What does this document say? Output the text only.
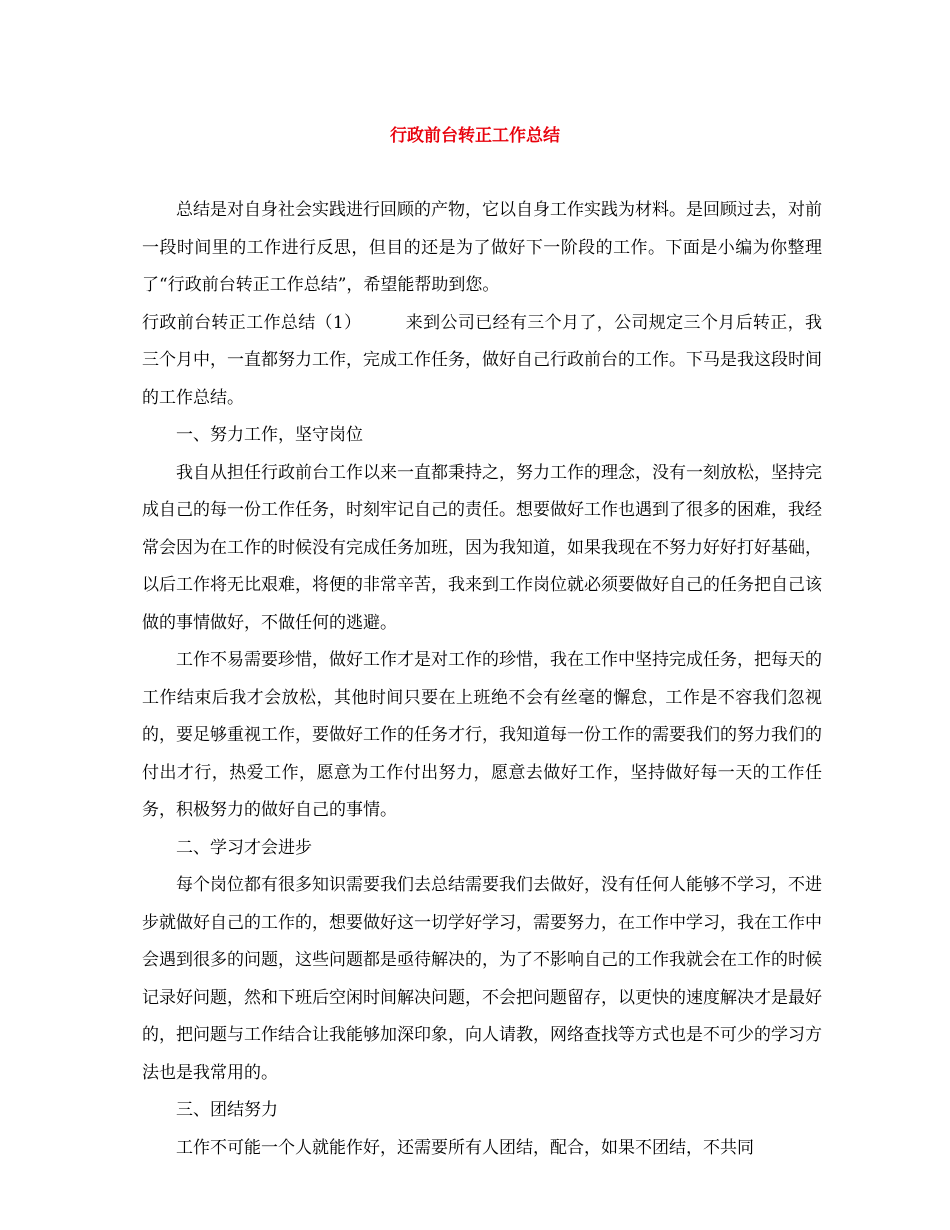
行政前台转正工作总结

总结是对自身社会实践进行回顾的产物，它以自身工作实践为材料。是回顾过去，对前一段时间里的工作进行反思，但目的还是为了做好下一阶段的工作。下面是小编为你整理了“行政前台转正工作总结”，希望能帮助到您。

行政前台转正工作总结（1）	来到公司已经有三个月了，公司规定三个月后转正，我三个月中，一直都努力工作，完成工作任务，做好自己行政前台的工作。下马是我这段时间的工作总结。

一、努力工作，坚守岗位

我自从担任行政前台工作以来一直都秉持之，努力工作的理念，没有一刻放松，坚持完成自己的每一份工作任务，时刻牢记自己的责任。想要做好工作也遇到了很多的困难，我经常会因为在工作的时候没有完成任务加班，因为我知道，如果我现在不努力好好打好基础，以后工作将无比艰难，将便的非常辛苦，我来到工作岗位就必须要做好自己的任务把自己该做的事情做好，不做任何的逃避。

工作不易需要珍惜，做好工作才是对工作的珍惜，我在工作中坚持完成任务，把每天的工作结束后我才会放松，其他时间只要在上班绝不会有丝毫的懈怠，工作是不容我们忽视的，要足够重视工作，要做好工作的任务才行，我知道每一份工作的需要我们的努力我们的付出才行，热爱工作，愿意为工作付出努力，愿意去做好工作，坚持做好每一天的工作任务，积极努力的做好自己的事情。

二、学习才会进步

每个岗位都有很多知识需要我们去总结需要我们去做好，没有任何人能够不学习，不进步就做好自己的工作的，想要做好这一切学好学习，需要努力，在工作中学习，我在工作中会遇到很多的问题，这些问题都是亟待解决的，为了不影响自己的工作我就会在工作的时候记录好问题，然和下班后空闲时间解决问题，不会把问题留存，以更快的速度解决才是最好的，把问题与工作结合让我能够加深印象，向人请教，网络查找等方式也是不可少的学习方法也是我常用的。

三、团结努力

工作不可能一个人就能作好，还需要所有人团结，配合，如果不团结，不共同
